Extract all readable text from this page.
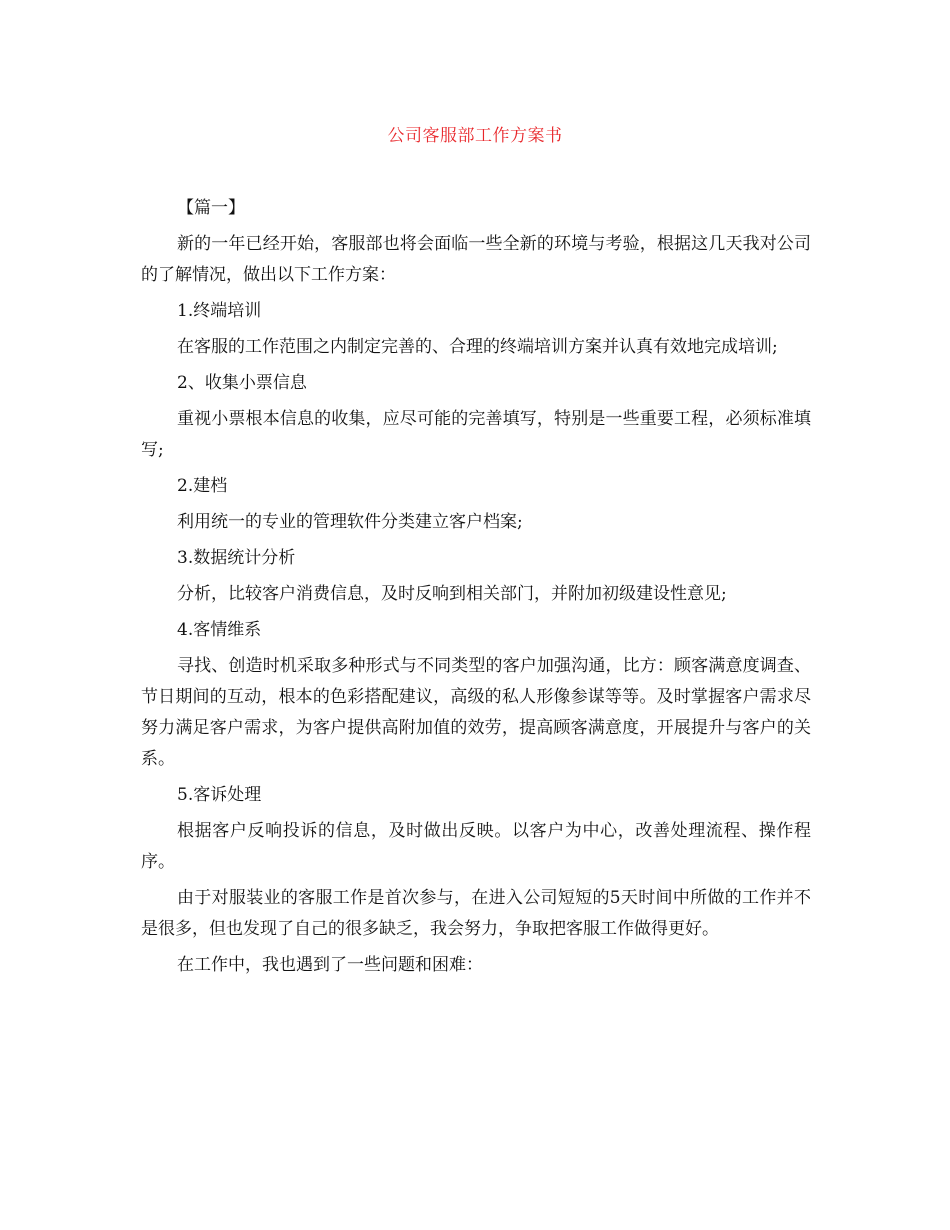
公司客服部工作方案书

【篇一】

新的一年已经开始，客服部也将会面临一些全新的环境与考验，根据这几天我对公司的了解情况，做出以下工作方案：

1.终端培训

在客服的工作范围之内制定完善的、合理的终端培训方案并认真有效地完成培训;

2、收集小票信息

重视小票根本信息的收集，应尽可能的完善填写，特别是一些重要工程，必须标准填写;

2.建档

利用统一的专业的管理软件分类建立客户档案;

3.数据统计分析

分析，比较客户消费信息，及时反响到相关部门，并附加初级建设性意见;

4.客情维系

寻找、创造时机采取多种形式与不同类型的客户加强沟通，比方：顾客满意度调查、节日期间的互动，根本的色彩搭配建议，高级的私人形像参谋等等。及时掌握客户需求尽努力满足客户需求，为客户提供高附加值的效劳，提高顾客满意度，开展提升与客户的关系。

5.客诉处理

根据客户反响投诉的信息，及时做出反映。以客户为中心，改善处理流程、操作程序。

由于对服装业的客服工作是首次参与，在进入公司短短的5天时间中所做的工作并不是很多，但也发现了自己的很多缺乏，我会努力，争取把客服工作做得更好。

在工作中，我也遇到了一些问题和困难：
